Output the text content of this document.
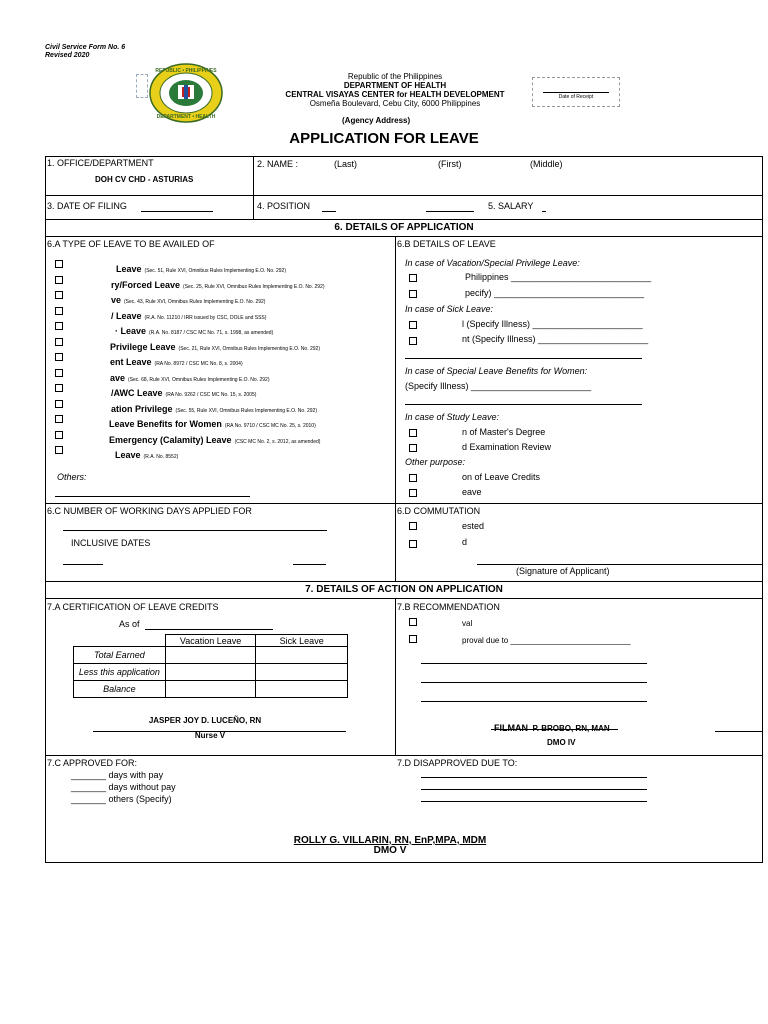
Civil Service Form No. 6
Revised 2020
REPUBLIC • PHILIPPINES
DEPARTMENT • HEALTH
Republic of the Philippines
DEPARTMENT OF HEALTH
CENTRAL VISAYAS CENTER for HEALTH DEVELOPMENT
Osmeña Boulevard, Cebu City, 6000 Philippines
(Agency Address)
Date of Receipt
APPLICATION FOR LEAVE
1. OFFICE/DEPARTMENT
DOH CV CHD - ASTURIAS
2. NAME :	(Last)	(First)	(Middle)
3. DATE OF FILING	4. POSITION	5. SALARY
6. DETAILS OF APPLICATION
6.A TYPE OF LEAVE TO BE AVAILED OF
Leave (Sec. 51, Rule XVI, Omnibus Rules Implementing E.O. No. 292)
ry/Forced Leave (Sec. 25, Rule XVI, Omnibus Rules Implementing E.O. No. 292)
ve (Sec. 43, Rule XVI, Omnibus Rules Implementing E.O. No. 292)
/ Leave (R.A. No. 11210 / IRR issued by CSC, DOLE and SSS)
· Leave (R.A. No. 8187 / CSC MC No. 71, s. 1998, as amended)
Privilege Leave (Sec. 21, Rule XVI, Omnibus Rules Implementing E.O. No. 292)
ent Leave (RA No. 8972 / CSC MC No. 8, s. 2004)
ave (Sec. 68, Rule XVI, Omnibus Rules Implementing E.O. No. 292)
/AWC Leave (RA No. 9262 / CSC MC No. 15, s. 2005)
ation Privilege (Sec. 55, Rule XVI, Omnibus Rules Implementing E.O. No. 292)
Leave Benefits for Women (RA No. 9710 / CSC MC No. 25, s. 2010)
Emergency (Calamity) Leave (CSC MC No. 2, s. 2012, as amended)
Leave (R.A. No. 8552)
Others:
6.B DETAILS OF LEAVE
In case of Vacation/Special Privilege Leave:
Philippines ____________________________
pecify) ______________________________
In case of Sick Leave:
l (Specify Illness) ______________________
nt (Specify Illness) ______________________
In case of Special Leave Benefits for Women:
(Specify Illness) ________________________
In case of Study Leave:
n of Master's Degree
d Examination Review
Other purpose:
on of Leave Credits
eave
6.C NUMBER OF WORKING DAYS APPLIED FOR
INCLUSIVE DATES
6.D COMMUTATION
ested
d
(Signature of Applicant)
7. DETAILS OF ACTION ON APPLICATION
7.A CERTIFICATION OF LEAVE CREDITS
As of
	Vacation Leave	Sick Leave
Total Earned		
Less this application		
Balance		
JASPER JOY D. LUCEÑO, RN
Nurse V
7.B RECOMMENDATION
val
proval due to ___________________________
FILMAN P. BROBO, RN, MAN
DMO IV
7.C APPROVED FOR:
_______ days with pay
_______ days without pay
_______ others (Specify)
7.D DISAPPROVED DUE TO:
ROLLY G. VILLARIN, RN, EnP,MPA, MDM
DMO V
